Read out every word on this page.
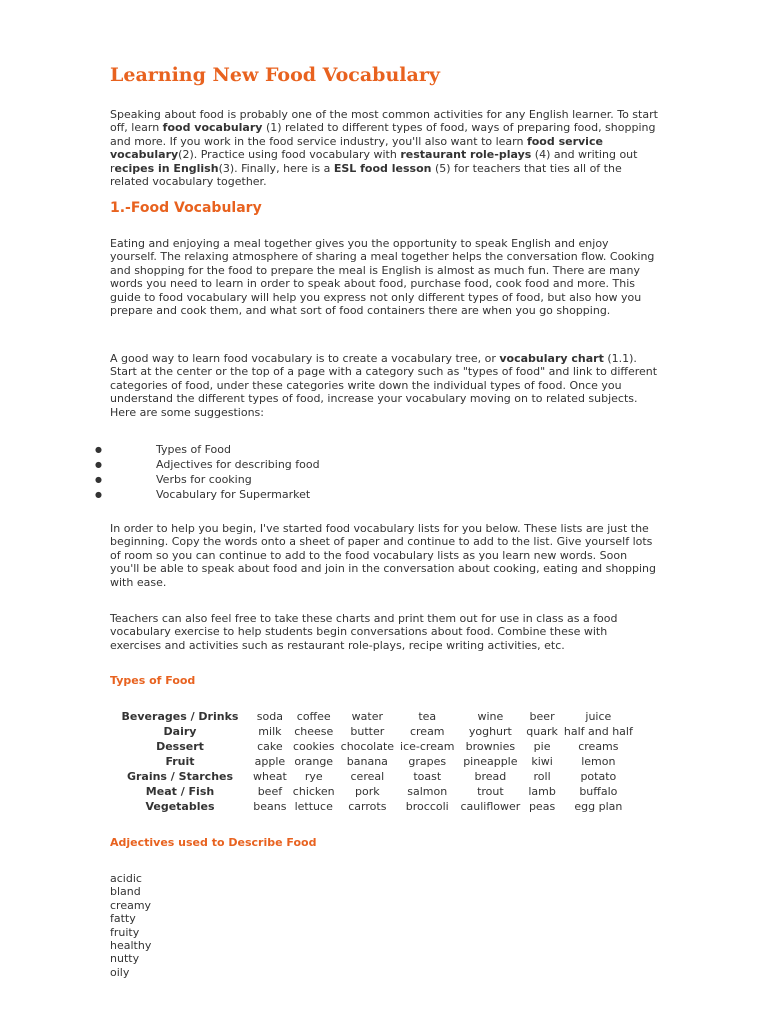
Learning New Food Vocabulary

Speaking about food is probably one of the most common activities for any English learner. To start off, learn food vocabulary (1) related to different types of food, ways of preparing food, shopping and more. If you work in the food service industry, you'll also want to learn food service vocabulary(2). Practice using food vocabulary with restaurant role-plays (4) and writing out recipes in English(3). Finally, here is a ESL food lesson (5) for teachers that ties all of the related vocabulary together.

1.-Food Vocabulary

Eating and enjoying a meal together gives you the opportunity to speak English and enjoy yourself. The relaxing atmosphere of sharing a meal together helps the conversation flow. Cooking and shopping for the food to prepare the meal is English is almost as much fun. There are many words you need to learn in order to speak about food, purchase food, cook food and more. This guide to food vocabulary will help you express not only different types of food, but also how you prepare and cook them, and what sort of food containers there are when you go shopping.

A good way to learn food vocabulary is to create a vocabulary tree, or vocabulary chart (1.1). Start at the center or the top of a page with a category such as "types of food" and link to different categories of food, under these categories write down the individual types of food. Once you understand the different types of food, increase your vocabulary moving on to related subjects. Here are some suggestions:

● Types of Food
● Adjectives for describing food
● Verbs for cooking
● Vocabulary for Supermarket

In order to help you begin, I've started food vocabulary lists for you below. These lists are just the beginning. Copy the words onto a sheet of paper and continue to add to the list. Give yourself lots of room so you can continue to add to the food vocabulary lists as you learn new words. Soon you'll be able to speak about food and join in the conversation about cooking, eating and shopping with ease.

Teachers can also feel free to take these charts and print them out for use in class as a food vocabulary exercise to help students begin conversations about food. Combine these with exercises and activities such as restaurant role-plays, recipe writing activities, etc.

Types of Food
Beverages / Drinks	soda	coffee	water	tea	wine	beer	juice
Dairy	milk	cheese	butter	cream	yoghurt	quark	half and half
Dessert	cake	cookies	chocolate	ice-cream	brownies	pie	creams
Fruit	apple	orange	banana	grapes	pineapple	kiwi	lemon
Grains / Starches	wheat	rye	cereal	toast	bread	roll	potato
Meat / Fish	beef	chicken	pork	salmon	trout	lamb	buffalo
Vegetables	beans	lettuce	carrots	broccoli	cauliflower	peas	egg plan
Adjectives used to Describe Food
acidic
bland
creamy
fatty
fruity
healthy
nutty
oily
